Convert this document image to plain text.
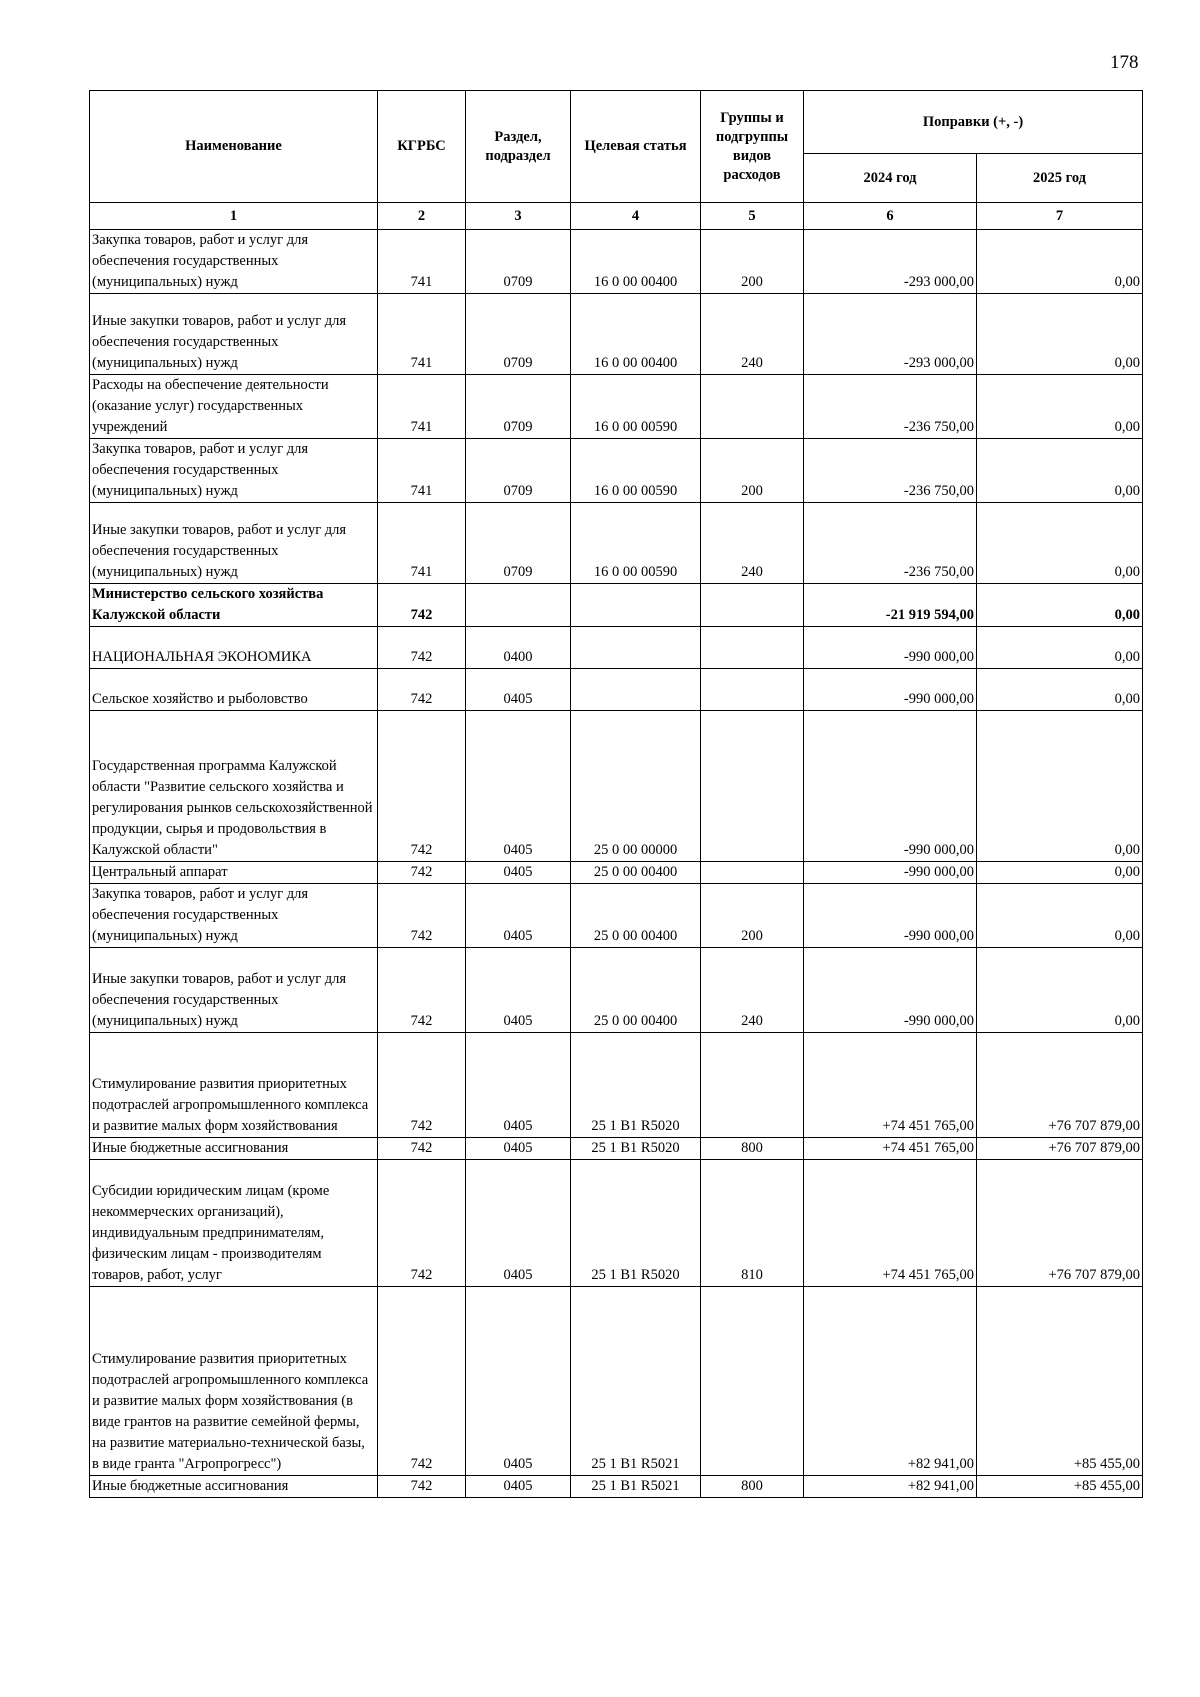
178
Наименование	КГРБС	Раздел, подраздел	Целевая статья	Группы и подгруппы видов расходов	Поправки (+, -)	
					2024 год	2025 год
1	2	3	4	5	6	7
Закупка товаров, работ и услуг для обеспечения государственных (муниципальных) нужд	741	0709	16 0 00 00400	200	-293 000,00	0,00
Иные закупки товаров, работ и услуг для обеспечения государственных (муниципальных) нужд	741	0709	16 0 00 00400	240	-293 000,00	0,00
Расходы на обеспечение деятельности (оказание услуг) государственных учреждений	741	0709	16 0 00 00590		-236 750,00	0,00
Закупка товаров, работ и услуг для обеспечения государственных (муниципальных) нужд	741	0709	16 0 00 00590	200	-236 750,00	0,00
Иные закупки товаров, работ и услуг для обеспечения государственных (муниципальных) нужд	741	0709	16 0 00 00590	240	-236 750,00	0,00
Министерство сельского хозяйства Калужской области	742				-21 919 594,00	0,00
НАЦИОНАЛЬНАЯ ЭКОНОМИКА	742	0400			-990 000,00	0,00
Сельское хозяйство и рыболовство	742	0405			-990 000,00	0,00
Государственная программа Калужской области "Развитие сельского хозяйства и регулирования рынков сельскохозяйственной продукции, сырья и продовольствия в Калужской области"	742	0405	25 0 00 00000		-990 000,00	0,00
Центральный аппарат	742	0405	25 0 00 00400		-990 000,00	0,00
Закупка товаров, работ и услуг для обеспечения государственных (муниципальных) нужд	742	0405	25 0 00 00400	200	-990 000,00	0,00
Иные закупки товаров, работ и услуг для обеспечения государственных (муниципальных) нужд	742	0405	25 0 00 00400	240	-990 000,00	0,00
Стимулирование развития приоритетных подотраслей агропромышленного комплекса и развитие малых форм хозяйствования	742	0405	25 1 B1 R5020		+74 451 765,00	+76 707 879,00
Иные бюджетные ассигнования	742	0405	25 1 B1 R5020	800	+74 451 765,00	+76 707 879,00
Субсидии юридическим лицам (кроме некоммерческих организаций), индивидуальным предпринимателям, физическим лицам - производителям товаров, работ, услуг	742	0405	25 1 B1 R5020	810	+74 451 765,00	+76 707 879,00
Стимулирование развития приоритетных подотраслей агропромышленного комплекса и развитие малых форм хозяйствования (в виде грантов на развитие семейной фермы, на развитие материально-технической базы, в виде гранта "Агропрогресс")	742	0405	25 1 B1 R5021		+82 941,00	+85 455,00
Иные бюджетные ассигнования	742	0405	25 1 B1 R5021	800	+82 941,00	+85 455,00
